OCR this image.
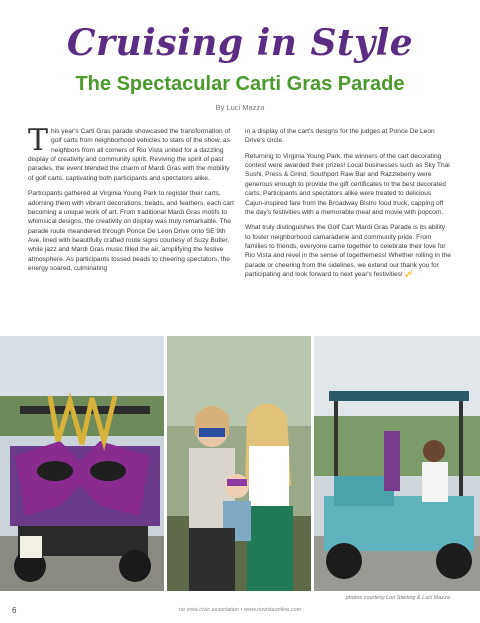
Cruising in Style
The Spectacular Carti Gras Parade
By Luci Mazza

This year's Carti Gras parade showcased the transformation of golf carts from neighborhood vehicles to stars of the show, as neighbors from all corners of Rio Vista united for a dazzling display of creativity and community spirit. Reviving the spirit of past parades, the event blended the charm of Mardi Gras with the mobility of golf carts, captivating both participants and spectators alike.

Participants gathered at Virginia Young Park to register their carts, adorning them with vibrant decorations, beads, and feathers, each cart becoming a unique work of art. From traditional Mardi Gras motifs to whimsical designs, the creativity on display was truly remarkable. The parade route meandered through Ponce De Leon Drive onto SE 9th Ave, lined with beautifully crafted route signs courtesy of Suzy Butler, while jazz and Mardi Gras music filled the air, amplifying the festive atmosphere. As participants tossed beads to cheering spectators, the energy soared, culminating

in a display of the cart's designs for the judges at Ponce De Leon Drive's circle.

Returning to Virginia Young Park, the winners of the cart decorating contest were awarded their prizes! Local businesses such as Sky Thai Sushi, Press & Grind, Southport Raw Bar and Razzleberry were generous enough to provide the gift certificates to the best decorated carts. Participants and spectators alike were treated to delicious Cajun-inspired fare from the Broadway Bistro food truck, capping off the day's festivities with a memorable meal and movie with popcorn.

What truly distinguishes the Golf Cart Mardi Gras Parade is its ability to foster neighborhood camaraderie and community pride. From families to friends, everyone came together to celebrate their love for Rio Vista and revel in the sense of togetherness! Whether rolling in the parade or cheering from the sidelines, we extend our thank you for participating and look forward to next year's festivities! 🎺

photos courtesy Lori Sterling & Luci Mazza
6	rio vista civic association • www.riovistaonline.com
